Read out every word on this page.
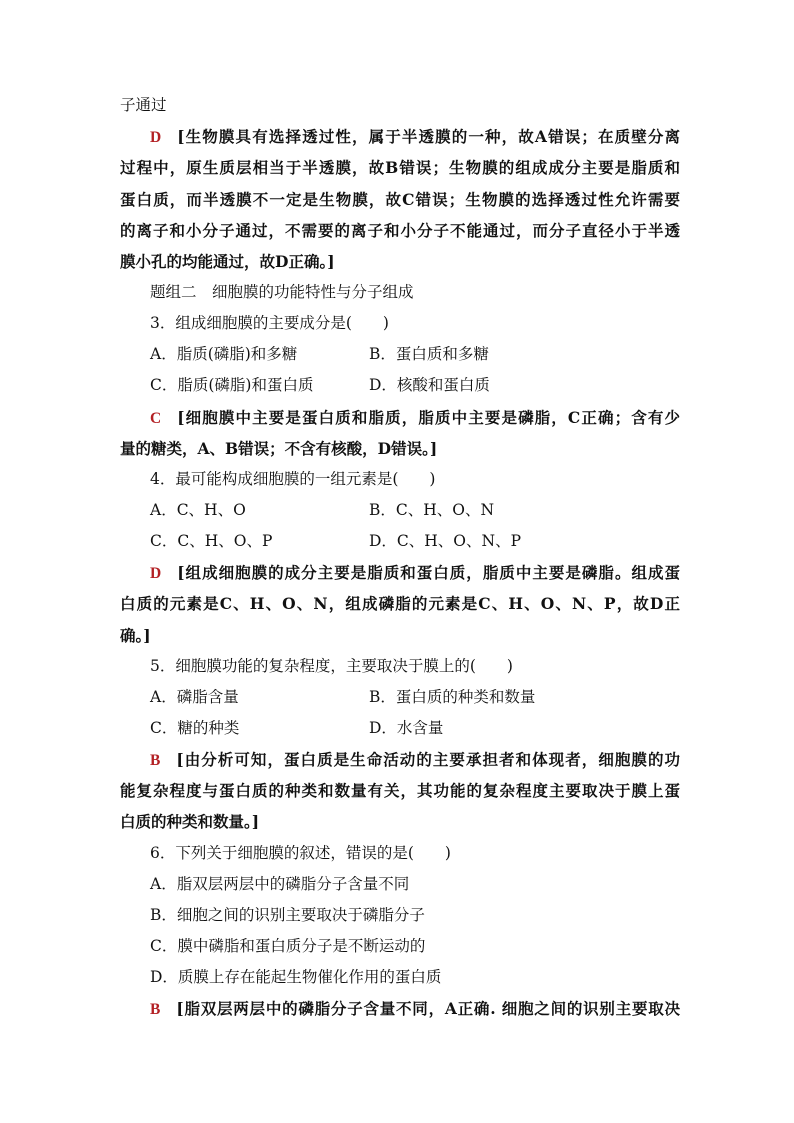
子通过
D [生物膜具有选择透过性，属于半透膜的一种，故A错误；在质壁分离
过程中，原生质层相当于半透膜，故B错误；生物膜的组成成分主要是脂质和
蛋白质，而半透膜不一定是生物膜，故C错误；生物膜的选择透过性允许需要
的离子和小分子通过，不需要的离子和小分子不能通过，而分子直径小于半透
膜小孔的均能通过，故D正确。]
题组二　细胞膜的功能特性与分子组成
3．组成细胞膜的主要成分是(　　)
A．脂质(磷脂)和多糖	B．蛋白质和多糖
C．脂质(磷脂)和蛋白质	D．核酸和蛋白质
C [细胞膜中主要是蛋白质和脂质，脂质中主要是磷脂，C正确；含有少
量的糖类，A、B错误；不含有核酸，D错误。]
4．最可能构成细胞膜的一组元素是(　　)
A．C、H、O	B．C、H、O、N
C．C、H、O、P	D．C、H、O、N、P
D [组成细胞膜的成分主要是脂质和蛋白质，脂质中主要是磷脂。组成蛋
白质的元素是C、H、O、N，组成磷脂的元素是C、H、O、N、P，故D正
确。]
5．细胞膜功能的复杂程度，主要取决于膜上的(　　)
A．磷脂含量	B．蛋白质的种类和数量
C．糖的种类	D．水含量
B [由分析可知，蛋白质是生命活动的主要承担者和体现者，细胞膜的功
能复杂程度与蛋白质的种类和数量有关，其功能的复杂程度主要取决于膜上蛋
白质的种类和数量。]
6．下列关于细胞膜的叙述，错误的是(　　)
A．脂双层两层中的磷脂分子含量不同
B．细胞之间的识别主要取决于磷脂分子
C．膜中磷脂和蛋白质分子是不断运动的
D．质膜上存在能起生物催化作用的蛋白质
B [脂双层两层中的磷脂分子含量不同，A正确. 细胞之间的识别主要取决
